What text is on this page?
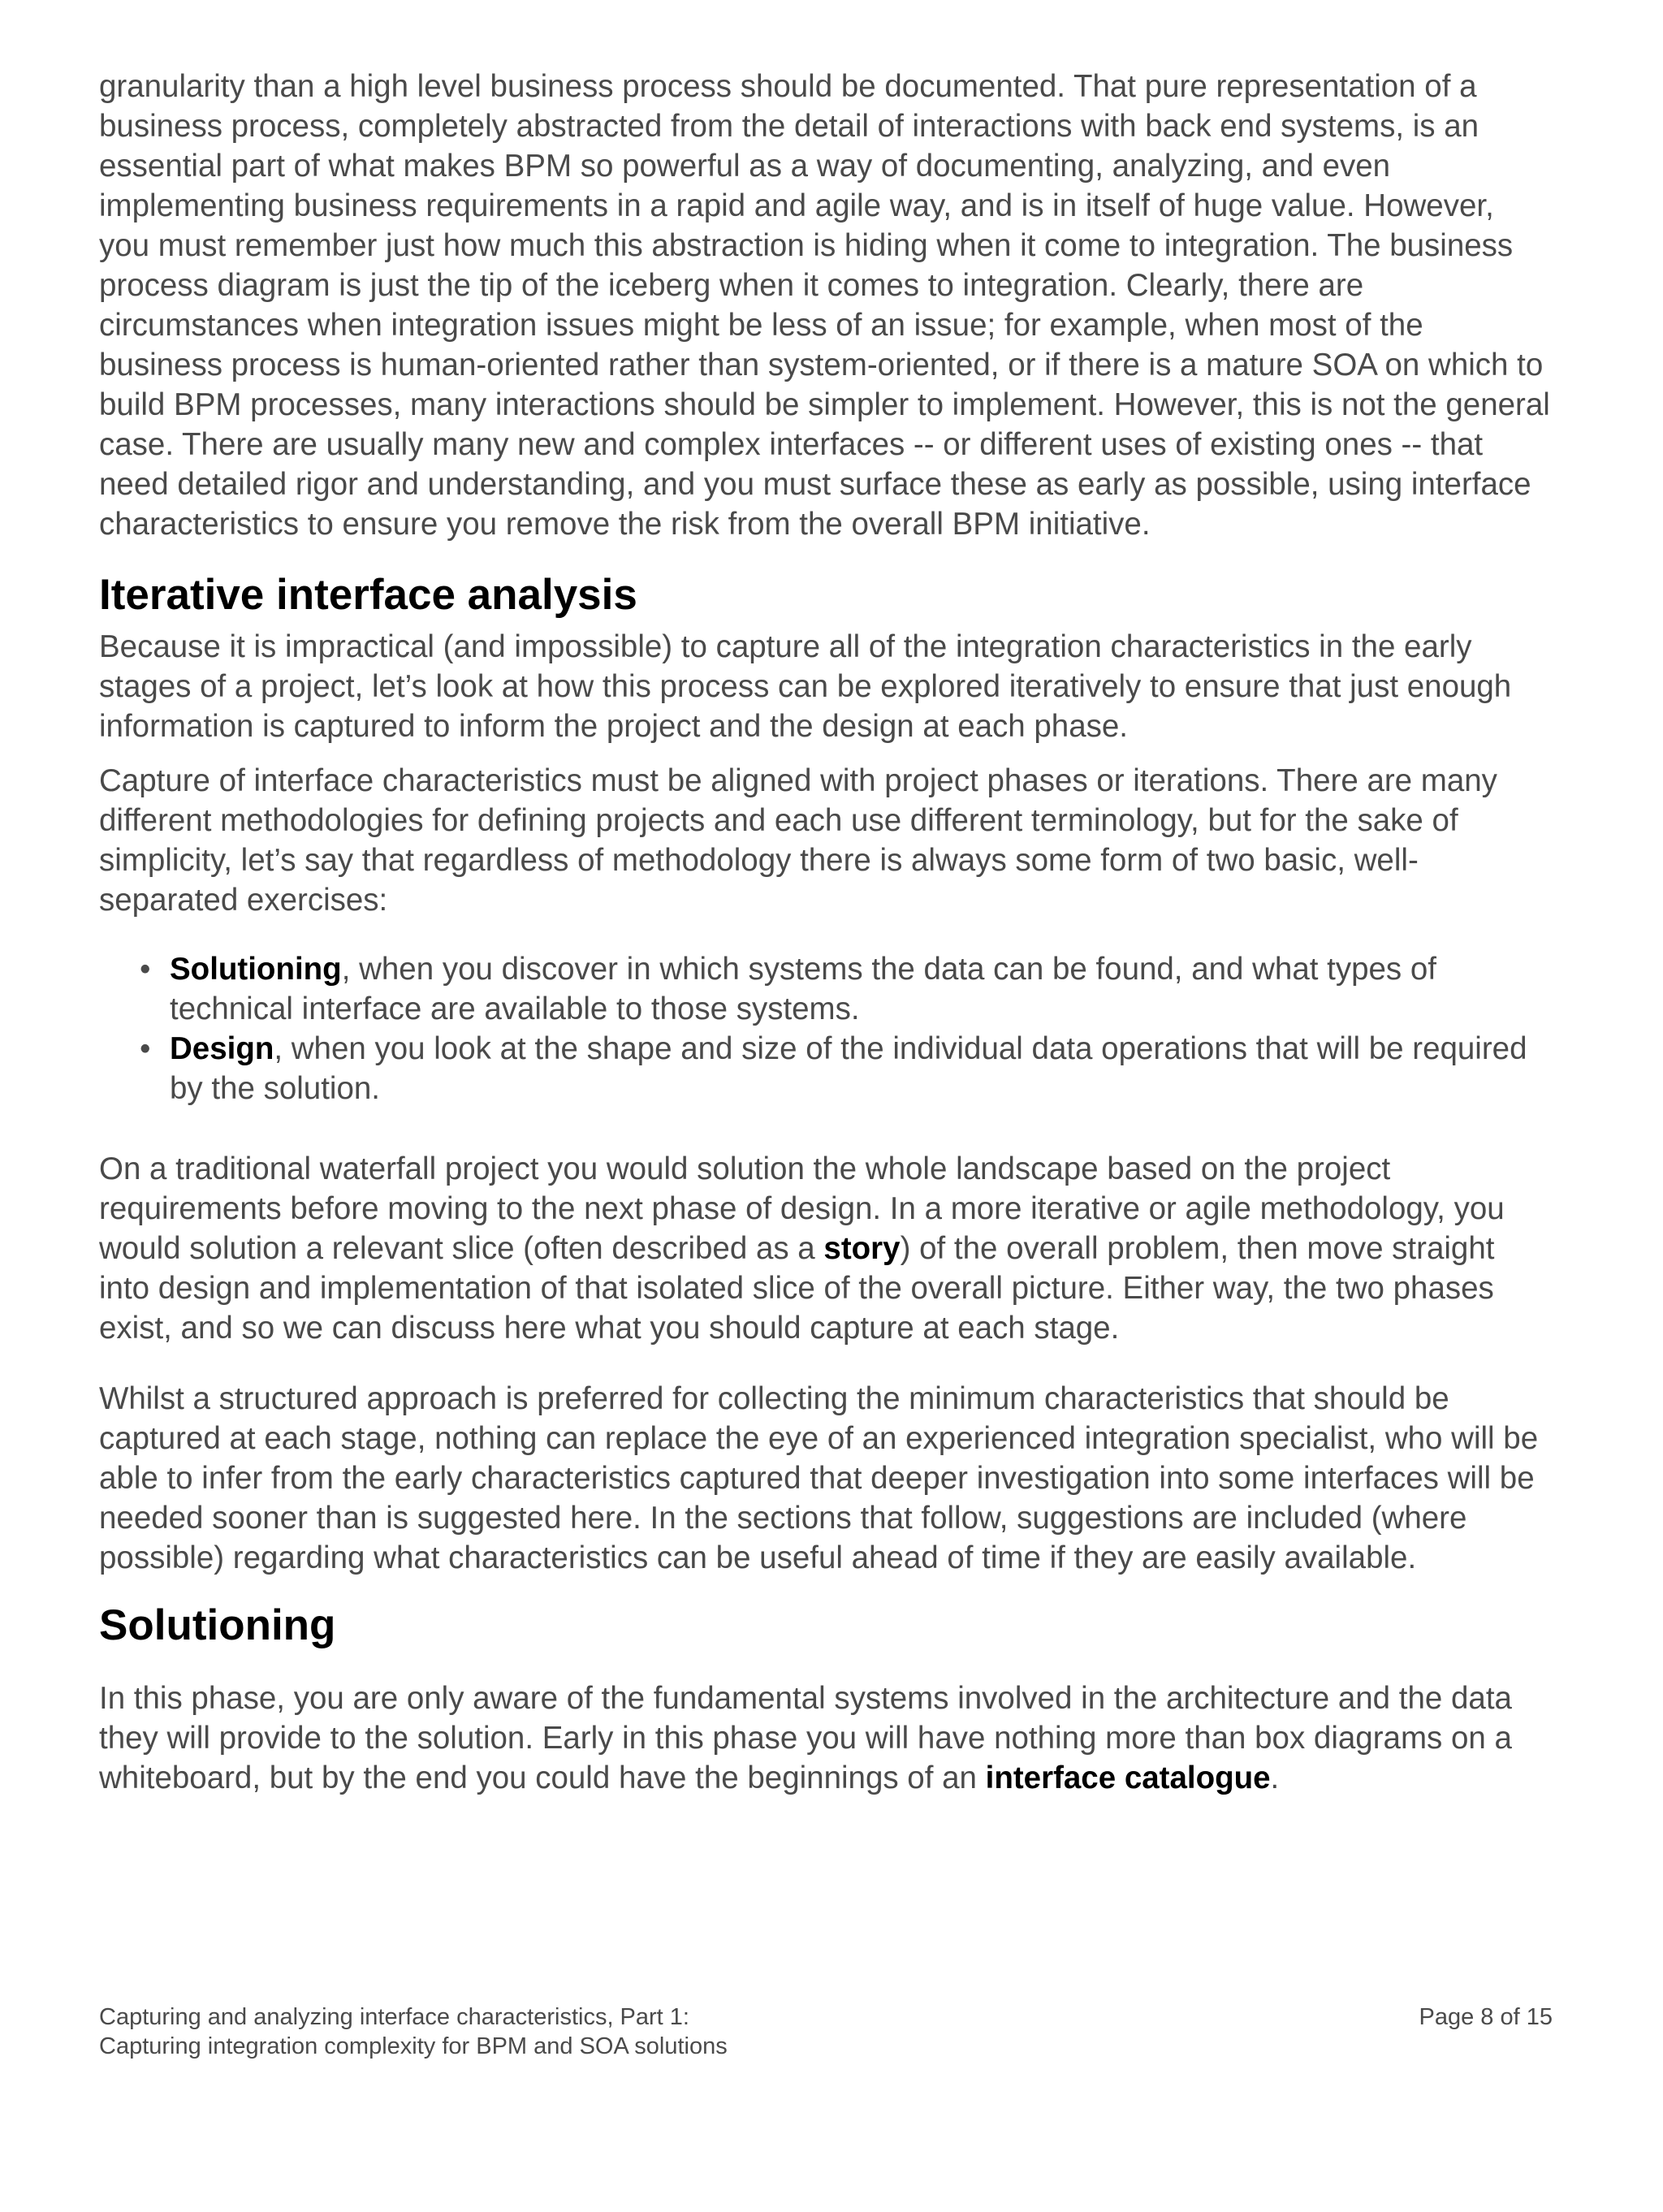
granularity than a high level business process should be documented. That pure representation of a business process, completely abstracted from the detail of interactions with back end systems, is an essential part of what makes BPM so powerful as a way of documenting, analyzing, and even implementing business requirements in a rapid and agile way, and is in itself of huge value. However, you must remember just how much this abstraction is hiding when it come to integration. The business process diagram is just the tip of the iceberg when it comes to integration. Clearly, there are circumstances when integration issues might be less of an issue; for example, when most of the business process is human-oriented rather than system-oriented, or if there is a mature SOA on which to build BPM processes, many interactions should be simpler to implement. However, this is not the general case. There are usually many new and complex interfaces -- or different uses of existing ones -- that need detailed rigor and understanding, and you must surface these as early as possible, using interface characteristics to ensure you remove the risk from the overall BPM initiative.

Iterative interface analysis

Because it is impractical (and impossible) to capture all of the integration characteristics in the early stages of a project, let’s look at how this process can be explored iteratively to ensure that just enough information is captured to inform the project and the design at each phase.

Capture of interface characteristics must be aligned with project phases or iterations. There are many different methodologies for defining projects and each use different terminology, but for the sake of simplicity, let’s say that regardless of methodology there is always some form of two basic, well-separated exercises:

• Solutioning, when you discover in which systems the data can be found, and what types of technical interface are available to those systems.
• Design, when you look at the shape and size of the individual data operations that will be required by the solution.

On a traditional waterfall project you would solution the whole landscape based on the project requirements before moving to the next phase of design. In a more iterative or agile methodology, you would solution a relevant slice (often described as a story) of the overall problem, then move straight into design and implementation of that isolated slice of the overall picture. Either way, the two phases exist, and so we can discuss here what you should capture at each stage.

Whilst a structured approach is preferred for collecting the minimum characteristics that should be captured at each stage, nothing can replace the eye of an experienced integration specialist, who will be able to infer from the early characteristics captured that deeper investigation into some interfaces will be needed sooner than is suggested here. In the sections that follow, suggestions are included (where possible) regarding what characteristics can be useful ahead of time if they are easily available.

Solutioning

In this phase, you are only aware of the fundamental systems involved in the architecture and the data they will provide to the solution. Early in this phase you will have nothing more than box diagrams on a whiteboard, but by the end you could have the beginnings of an interface catalogue.

Capturing and analyzing interface characteristics, Part 1:
Capturing integration complexity for BPM and SOA solutions
Page 8 of 15
